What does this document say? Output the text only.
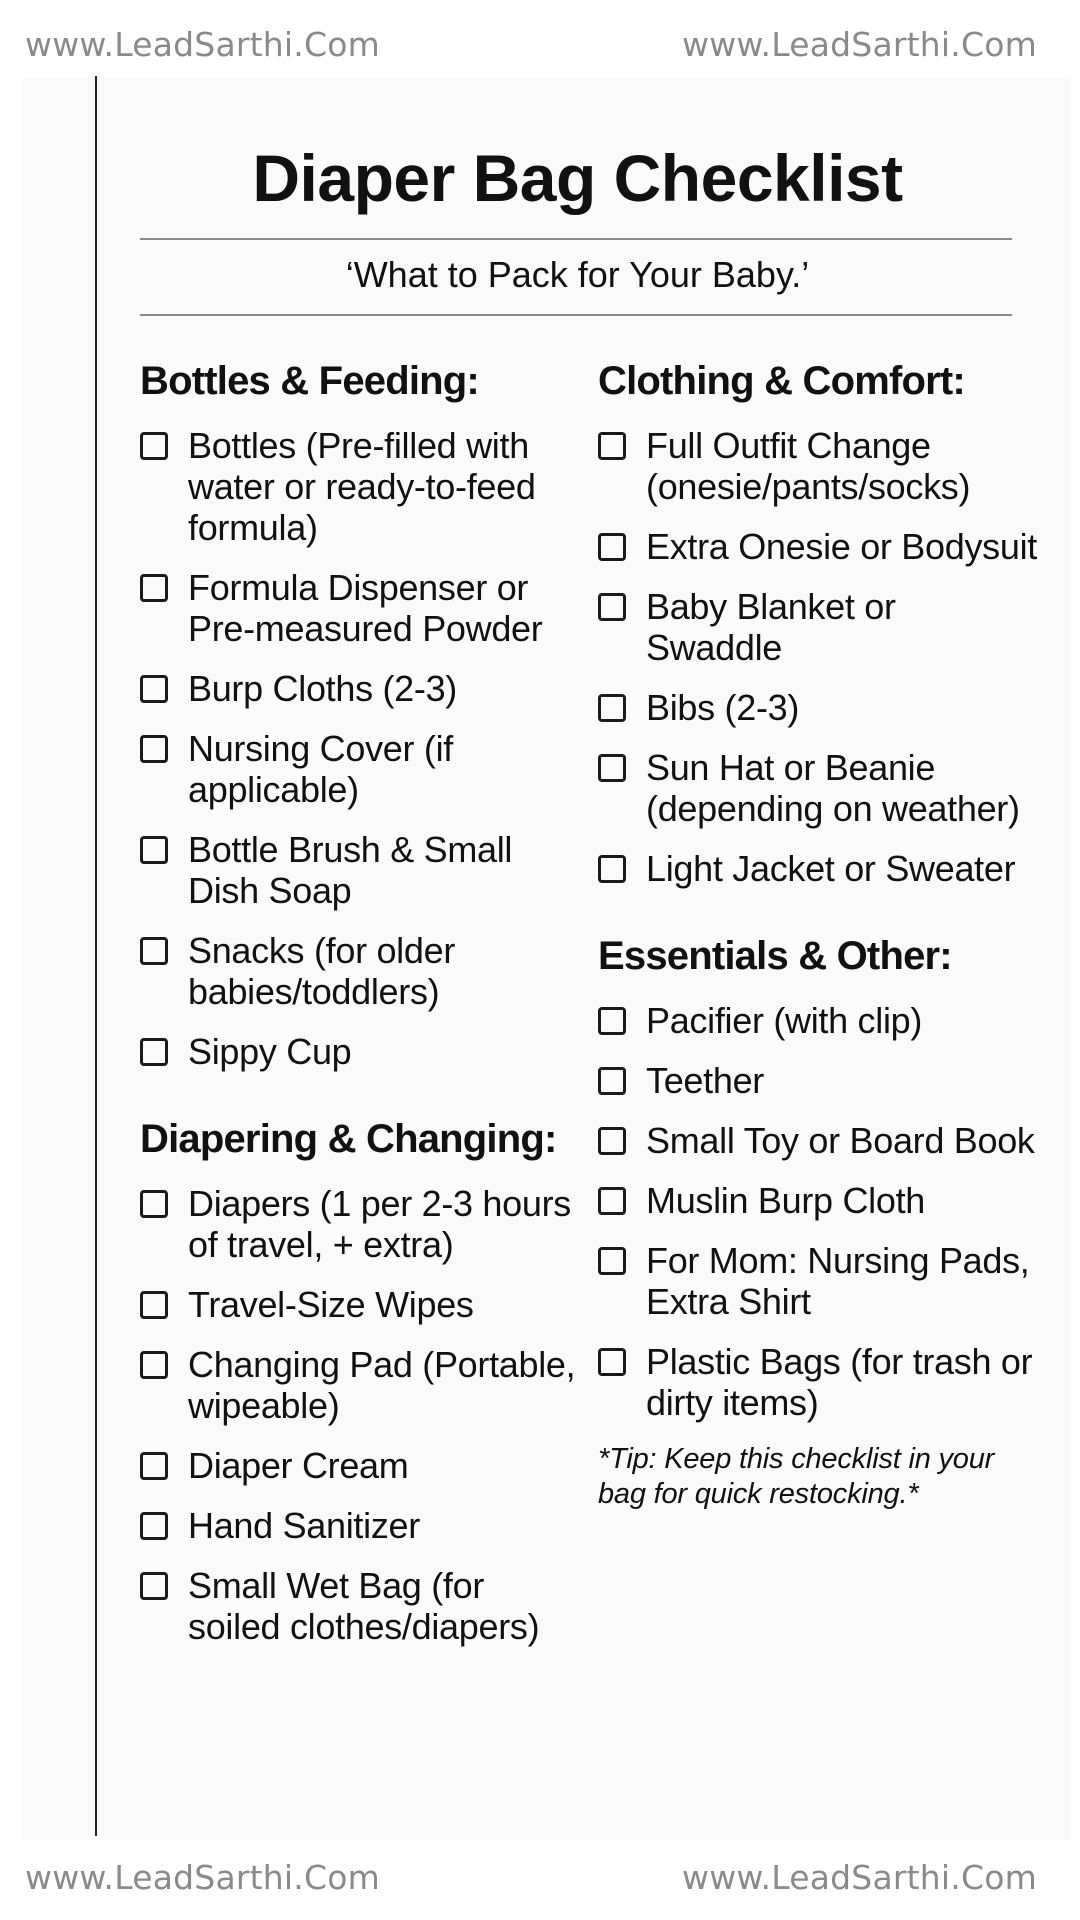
www.LeadSarthi.Com	www.LeadSarthi.Com
Diaper Bag Checklist
‘What to Pack for Your Baby.’
Bottles & Feeding:
Bottles (Pre-filled with water or ready-to-feed formula)
Formula Dispenser or Pre-measured Powder
Burp Cloths (2-3)
Nursing Cover (if applicable)
Bottle Brush & Small Dish Soap
Snacks (for older babies/toddlers)
Sippy Cup
Diapering & Changing:
Diapers (1 per 2-3 hours of travel, + extra)
Travel-Size Wipes
Changing Pad (Portable, wipeable)
Diaper Cream
Hand Sanitizer
Small Wet Bag (for soiled clothes/diapers)
Clothing & Comfort:
Full Outfit Change (onesie/pants/socks)
Extra Onesie or Bodysuit
Baby Blanket or Swaddle
Bibs (2-3)
Sun Hat or Beanie (depending on weather)
Light Jacket or Sweater
Essentials & Other:
Pacifier (with clip)
Teether
Small Toy or Board Book
Muslin Burp Cloth
For Mom: Nursing Pads, Extra Shirt
Plastic Bags (for trash or dirty items)
*Tip: Keep this checklist in your bag for quick restocking.*
www.LeadSarthi.Com	www.LeadSarthi.Com
